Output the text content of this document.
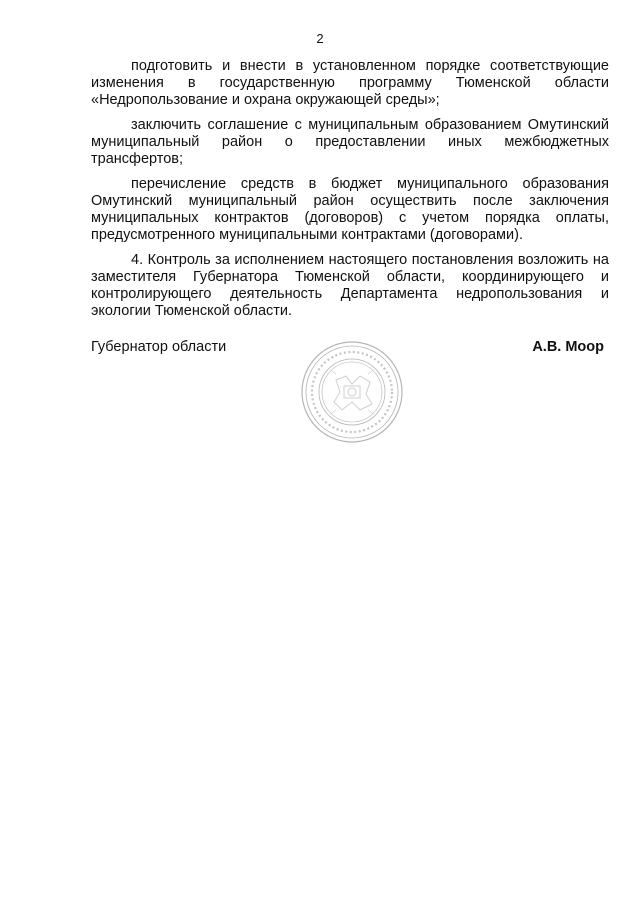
2

подготовить и внести в установленном порядке соответствующие изменения в государственную программу Тюменской области «Недропользование и охрана окружающей среды»;

заключить соглашение с муниципальным образованием Омутинский муниципальный район о предоставлении иных межбюджетных трансфертов;

перечисление средств в бюджет муниципального образования Омутинский муниципальный район осуществить после заключения муниципальных контрактов (договоров) с учетом порядка оплаты, предусмотренного муниципальными контрактами (договорами).

4. Контроль за исполнением настоящего постановления возложить на заместителя Губернатора Тюменской области, координирующего и контролирующего деятельность Департамента недропользования и экологии Тюменской области.

Губернатор области	А.В. Моор
